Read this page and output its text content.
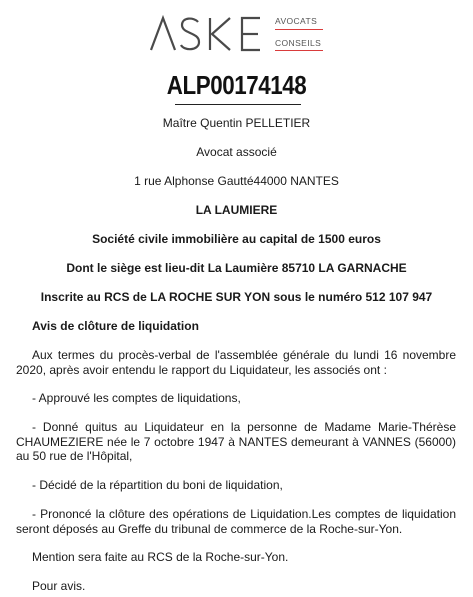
AVOCATS
CONSEILS
ALP00174148
Maître Quentin PELLETIER
Avocat associé
1 rue Alphonse Gautté44000 NANTES
LA LAUMIERE
Société civile immobilière au capital de 1500 euros
Dont le siège est lieu-dit La Laumière 85710 LA GARNACHE
Inscrite au RCS de LA ROCHE SUR YON sous le numéro 512 107 947
Avis de clôture de liquidation
Aux termes du procès-verbal de l'assemblée générale du lundi 16 novembre 2020, après avoir entendu le rapport du Liquidateur, les associés ont :
- Approuvé les comptes de liquidations,
- Donné quitus au Liquidateur en la personne de Madame Marie-Thérèse CHAUMEZIERE née le 7 octobre 1947 à NANTES demeurant à VANNES (56000) au 50 rue de l'Hôpital,
- Décidé de la répartition du boni de liquidation,
- Prononcé la clôture des opérations de Liquidation.Les comptes de liquidation seront déposés au Greffe du tribunal de commerce de la Roche-sur-Yon.
Mention sera faite au RCS de la Roche-sur-Yon.
Pour avis.
